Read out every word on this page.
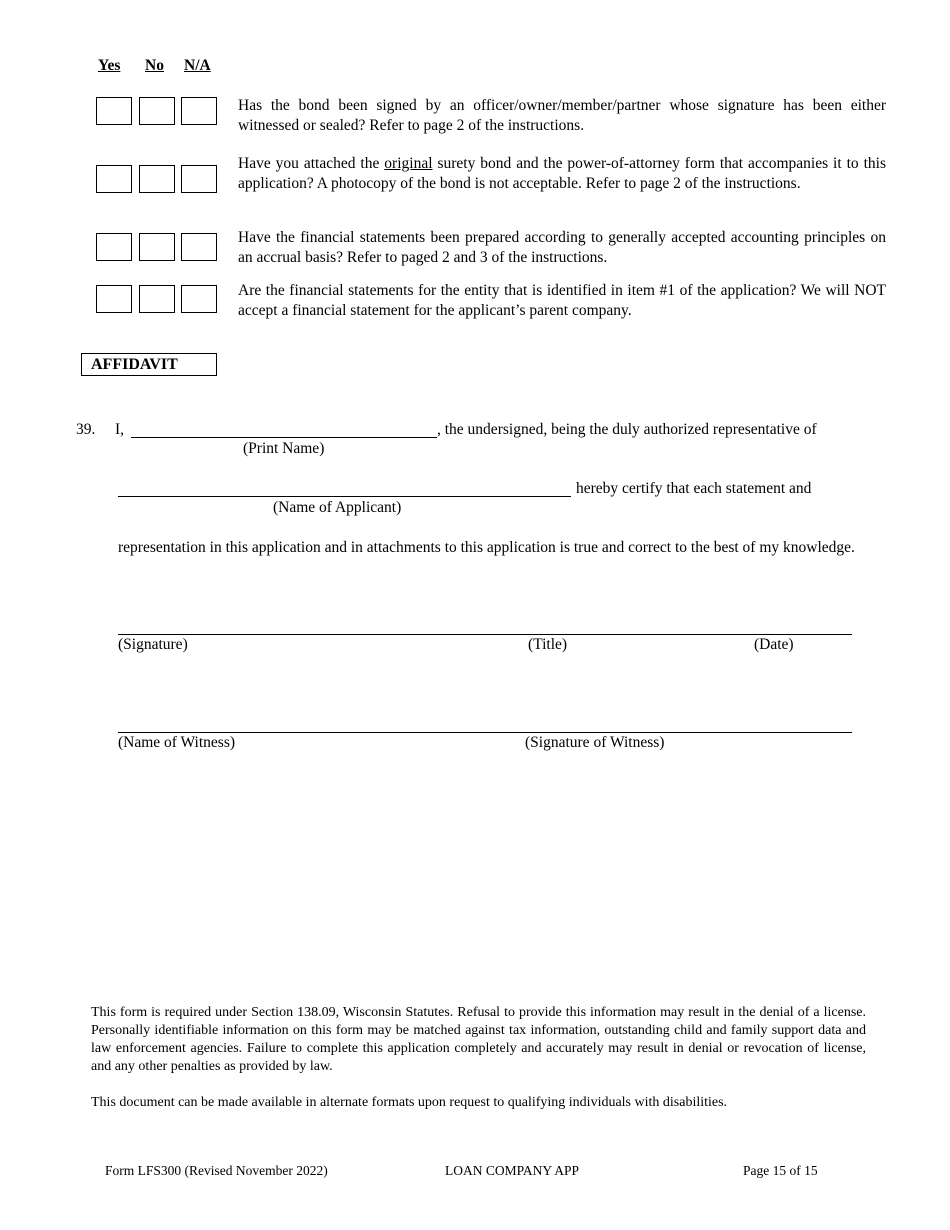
Yes No N/A
Has the bond been signed by an officer/owner/member/partner whose signature has been either witnessed or sealed? Refer to page 2 of the instructions.
Have you attached the original surety bond and the power-of-attorney form that accompanies it to this application? A photocopy of the bond is not acceptable. Refer to page 2 of the instructions.
Have the financial statements been prepared according to generally accepted accounting principles on an accrual basis? Refer to paged 2 and 3 of the instructions.
Are the financial statements for the entity that is identified in item #1 of the application? We will NOT accept a financial statement for the applicant’s parent company.
AFFIDAVIT
39. I,	, the undersigned, being the duly authorized representative of
(Print Name)
hereby certify that each statement and
(Name of Applicant)
representation in this application and in attachments to this application is true and correct to the best of my knowledge.
(Signature)	(Title)	(Date)
(Name of Witness)	(Signature of Witness)
This form is required under Section 138.09, Wisconsin Statutes. Refusal to provide this information may result in the denial of a license. Personally identifiable information on this form may be matched against tax information, outstanding child and family support data and law enforcement agencies. Failure to complete this application completely and accurately may result in denial or revocation of license, and any other penalties as provided by law.
This document can be made available in alternate formats upon request to qualifying individuals with disabilities.
Form LFS300 (Revised November 2022)	LOAN COMPANY APP	Page 15 of 15
